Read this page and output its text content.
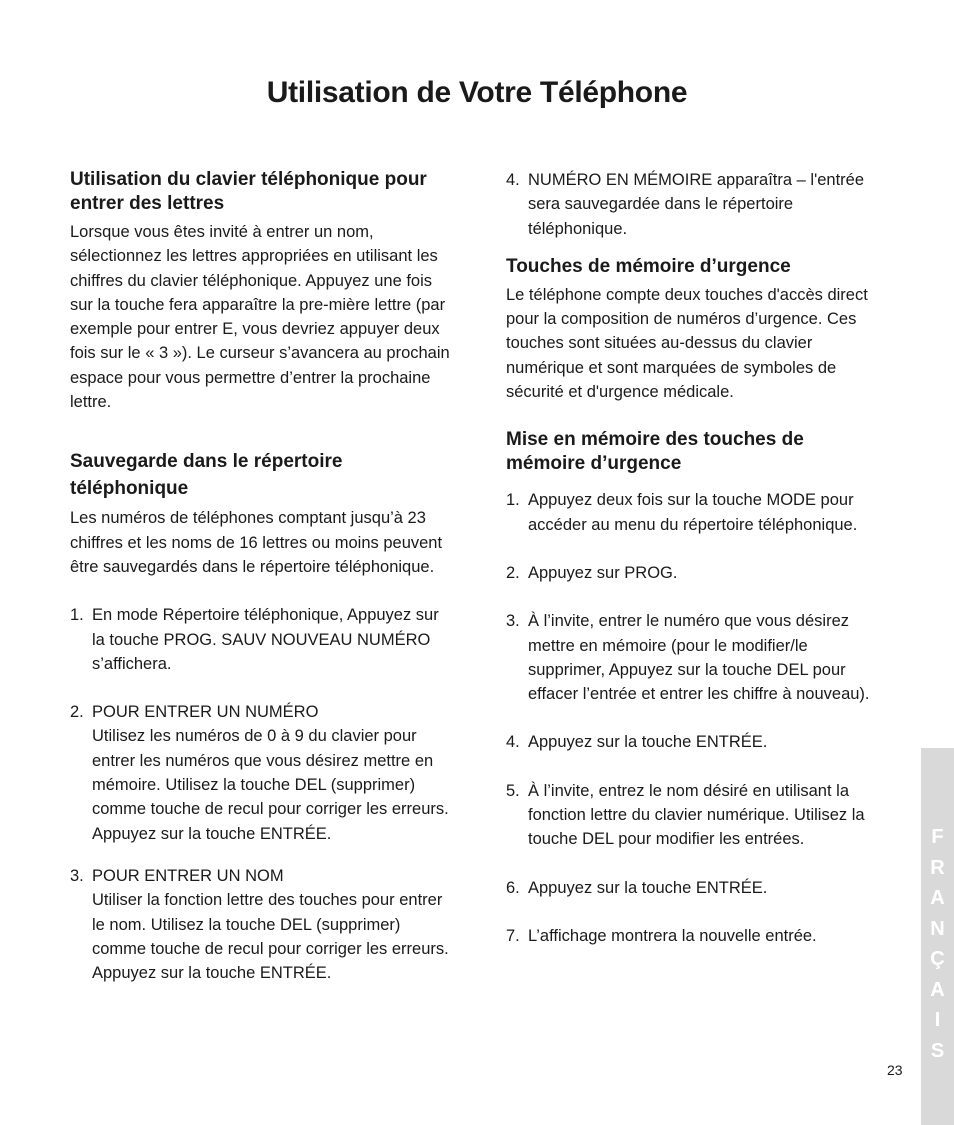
Utilisation de Votre Téléphone
Utilisation du clavier téléphonique pour entrer des lettres

Lorsque vous êtes invité à entrer un nom, sélectionnez les lettres appropriées en utilisant les chiffres du clavier téléphonique. Appuyez une fois sur la touche fera apparaître la pre-mière lettre (par exemple pour entrer E, vous devriez appuyer deux fois sur le « 3 »). Le curseur s’avancera au prochain espace pour vous permettre d’entrer la prochaine lettre.

Sauvegarde dans le répertoire téléphonique

Les numéros de téléphones comptant jusqu’à 23 chiffres et les noms de 16 lettres ou moins peuvent être sauvegardés dans le répertoire téléphonique.

1. En mode Répertoire téléphonique, Appuyez sur la touche PROG. SAUV NOUVEAU NUMÉRO s’affichera.
2. POUR ENTRER UN NUMÉRO
Utilisez les numéros de 0 à 9 du clavier pour entrer les numéros que vous désirez mettre en mémoire. Utilisez la touche DEL (supprimer) comme touche de recul pour corriger les erreurs. Appuyez sur la touche ENTRÉE.
3. POUR ENTRER UN NOM
Utiliser la fonction lettre des touches pour entrer le nom. Utilisez la touche DEL (supprimer) comme touche de recul pour corriger les erreurs. Appuyez sur la touche ENTRÉE.
4. NUMÉRO EN MÉMOIRE apparaîtra – l'entrée sera sauvegardée dans le répertoire téléphonique.
Touches de mémoire d’urgence

Le téléphone compte deux touches d'accès direct pour la composition de numéros d’urgence. Ces touches sont situées au-dessus du clavier numérique et sont marquées de symboles de sécurité et d'urgence médicale.

Mise en mémoire des touches de mémoire d’urgence
1. Appuyez deux fois sur la touche MODE pour accéder au menu du répertoire téléphonique.
2. Appuyez sur PROG.
3. À l’invite, entrer le numéro que vous désirez mettre en mémoire (pour le modifier/le supprimer, Appuyez sur la touche DEL pour effacer l’entrée et entrer les chiffre à nouveau).
4. Appuyez sur la touche ENTRÉE.
5. À l’invite, entrez le nom désiré en utilisant la fonction lettre du clavier numérique. Utilisez la touche DEL pour modifier les entrées.
6. Appuyez sur la touche ENTRÉE.
7. L’affichage montrera la nouvelle entrée.
F
R
A
N
Ç
A
I
S
23
